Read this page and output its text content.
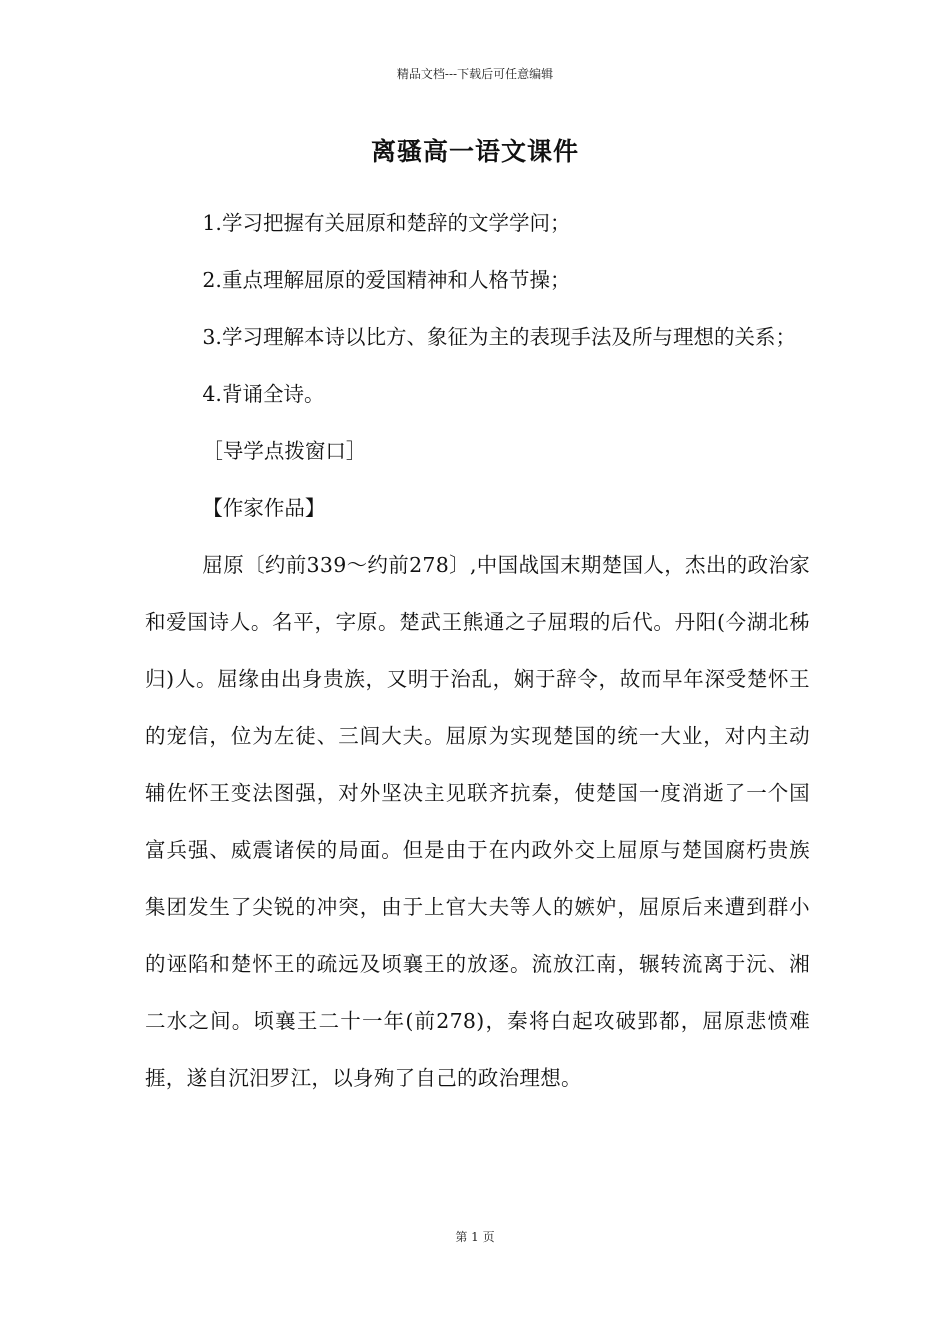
精品文档---下载后可任意编辑
离骚高一语文课件

1.学习把握有关屈原和楚辞的文学学问；

2.重点理解屈原的爱国精神和人格节操；

3.学习理解本诗以比方、象征为主的表现手法及所与理想的关系；

4.背诵全诗。

［导学点拨窗口］

【作家作品】

屈原〔约前339～约前278〕,中国战国末期楚国人，杰出的政治家和爱国诗人。名平，字原。楚武王熊通之子屈瑕的后代。丹阳(今湖北秭归)人。屈缘由出身贵族，又明于治乱，娴于辞令，故而早年深受楚怀王的宠信，位为左徒、三闾大夫。屈原为实现楚国的统一大业，对内主动辅佐怀王变法图强，对外坚决主见联齐抗秦，使楚国一度消逝了一个国富兵强、威震诸侯的局面。但是由于在内政外交上屈原与楚国腐朽贵族集团发生了尖锐的冲突，由于上官大夫等人的嫉妒，屈原后来遭到群小的诬陷和楚怀王的疏远及顷襄王的放逐。流放江南，辗转流离于沅、湘二水之间。顷襄王二十一年(前278)，秦将白起攻破郢都，屈原悲愤难捱，遂自沉汨罗江，以身殉了自己的政治理想。

第 1 页
